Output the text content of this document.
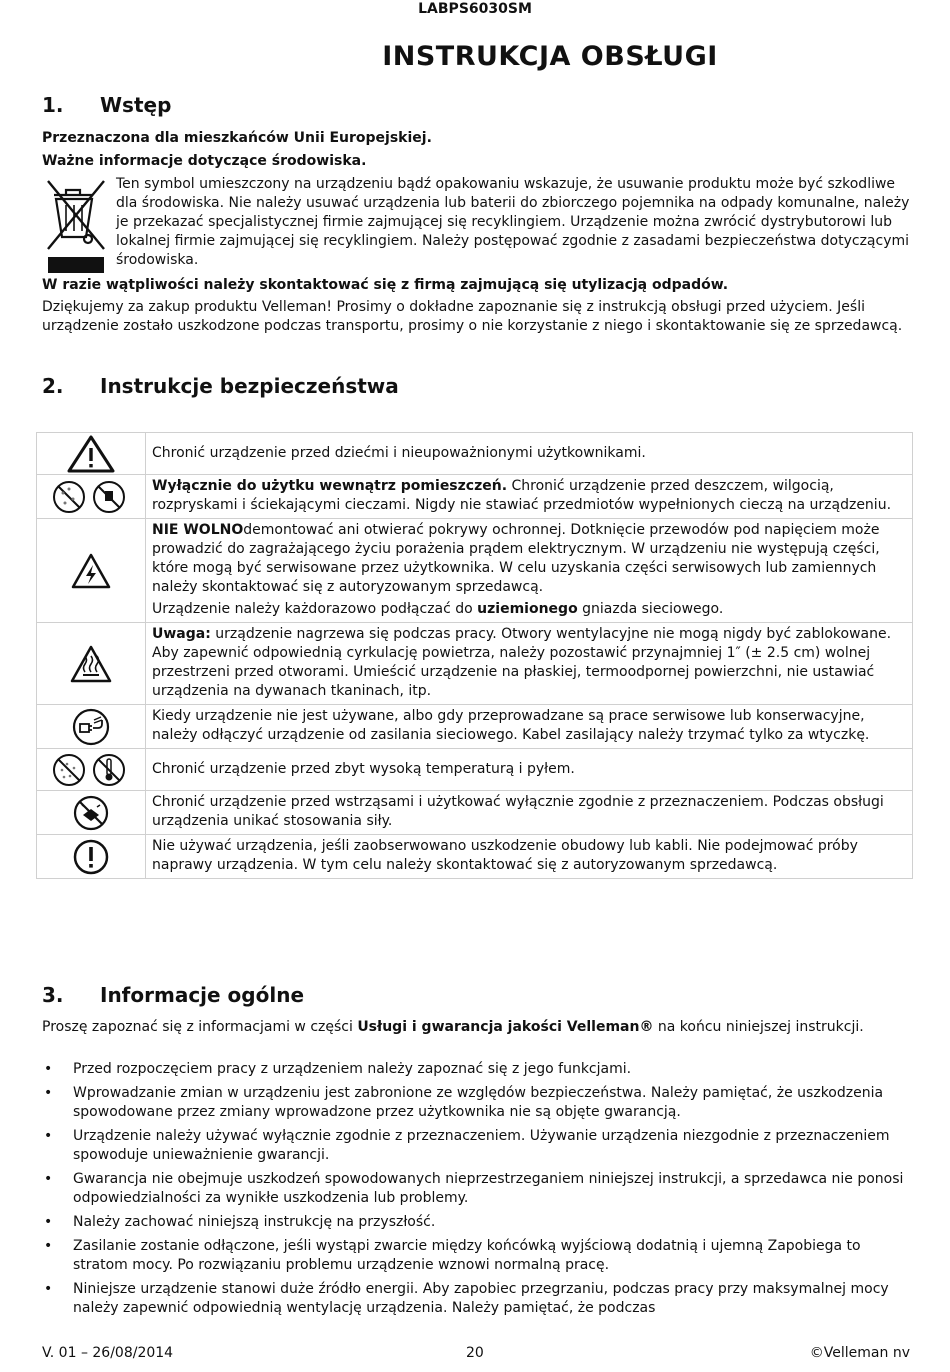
LABPS6030SM
INSTRUKCJA OBSŁUGI
1. Wstęp
Przeznaczona dla mieszkańców Unii Europejskiej.
Ważne informacje dotyczące środowiska.
Ten symbol umieszczony na urządzeniu bądź opakowaniu wskazuje, że usuwanie produktu może być szkodliwe dla środowiska. Nie należy usuwać urządzenia lub baterii do zbiorczego pojemnika na odpady komunalne, należy je przekazać specjalistycznej firmie zajmującej się recyklingiem. Urządzenie można zwrócić dystrybutorowi lub lokalnej firmie zajmującej się recyklingiem. Należy postępować zgodnie z zasadami bezpieczeństwa dotyczącymi środowiska.
W razie wątpliwości należy skontaktować się z firmą zajmującą się utylizacją odpadów.
Dziękujemy za zakup produktu Velleman! Prosimy o dokładne zapoznanie się z instrukcją obsługi przed użyciem. Jeśli urządzenie zostało uszkodzone podczas transportu, prosimy o nie korzystanie z niego i skontaktowanie się ze sprzedawcą.
2. Instrukcje bezpieczeństwa

Chronić urządzenie przed dziećmi i nieupoważnionymi użytkownikami.

Wyłącznie do użytku wewnątrz pomieszczeń. Chronić urządzenie przed deszczem, wilgocią, rozpryskami i ściekającymi cieczami. Nigdy nie stawiać przedmiotów wypełnionych cieczą na urządzeniu.

NIE WOLNOdemontować ani otwierać pokrywy ochronnej. Dotknięcie przewodów pod napięciem może prowadzić do zagrażającego życiu porażenia prądem elektrycznym. W urządzeniu nie występują części, które mogą być serwisowane przez użytkownika. W celu uzyskania części serwisowych lub zamiennych należy skontaktować się z autoryzowanym sprzedawcą.

Urządzenie należy każdorazowo podłączać do uziemionego gniazda sieciowego.

Uwaga: urządzenie nagrzewa się podczas pracy. Otwory wentylacyjne nie mogą nigdy być zablokowane. Aby zapewnić odpowiednią cyrkulację powietrza, należy pozostawić przynajmniej 1″ (± 2.5 cm) wolnej przestrzeni przed otworami. Umieścić urządzenie na płaskiej, termoodpornej powierzchni, nie ustawiać urządzenia na dywanach tkaninach, itp.

Kiedy urządzenie nie jest używane, albo gdy przeprowadzane są prace serwisowe lub konserwacyjne, należy odłączyć urządzenie od zasilania sieciowego. Kabel zasilający należy trzymać tylko za wtyczkę.

Chronić urządzenie przed zbyt wysoką temperaturą i pyłem.

Chronić urządzenie przed wstrząsami i użytkować wyłącznie zgodnie z przeznaczeniem. Podczas obsługi urządzenia unikać stosowania siły.

Nie używać urządzenia, jeśli zaobserwowano uszkodzenie obudowy lub kabli. Nie podejmować próby naprawy urządzenia. W tym celu należy skontaktować się z autoryzowanym sprzedawcą.

3. Informacje ogólne
Proszę zapoznać się z informacjami w części Usługi i gwarancja jakości Velleman® na końcu niniejszej instrukcji.
• Przed rozpoczęciem pracy z urządzeniem należy zapoznać się z jego funkcjami.
• Wprowadzanie zmian w urządzeniu jest zabronione ze względów bezpieczeństwa. Należy pamiętać, że uszkodzenia spowodowane przez zmiany wprowadzone przez użytkownika nie są objęte gwarancją.
• Urządzenie należy używać wyłącznie zgodnie z przeznaczeniem. Używanie urządzenia niezgodnie z przeznaczeniem spowoduje unieważnienie gwarancji.
• Gwarancja nie obejmuje uszkodzeń spowodowanych nieprzestrzeganiem niniejszej instrukcji, a sprzedawca nie ponosi odpowiedzialności za wynikłe uszkodzenia lub problemy.
• Należy zachować niniejszą instrukcję na przyszłość.
• Zasilanie zostanie odłączone, jeśli wystąpi zwarcie między końcówką wyjściową dodatnią i ujemną Zapobiega to stratom mocy. Po rozwiązaniu problemu urządzenie wznowi normalną pracę.
• Niniejsze urządzenie stanowi duże źródło energii. Aby zapobiec przegrzaniu, podczas pracy przy maksymalnej mocy należy zapewnić odpowiednią wentylację urządzenia. Należy pamiętać, że podczas
V. 01 – 26/08/2014	20	©Velleman nv
